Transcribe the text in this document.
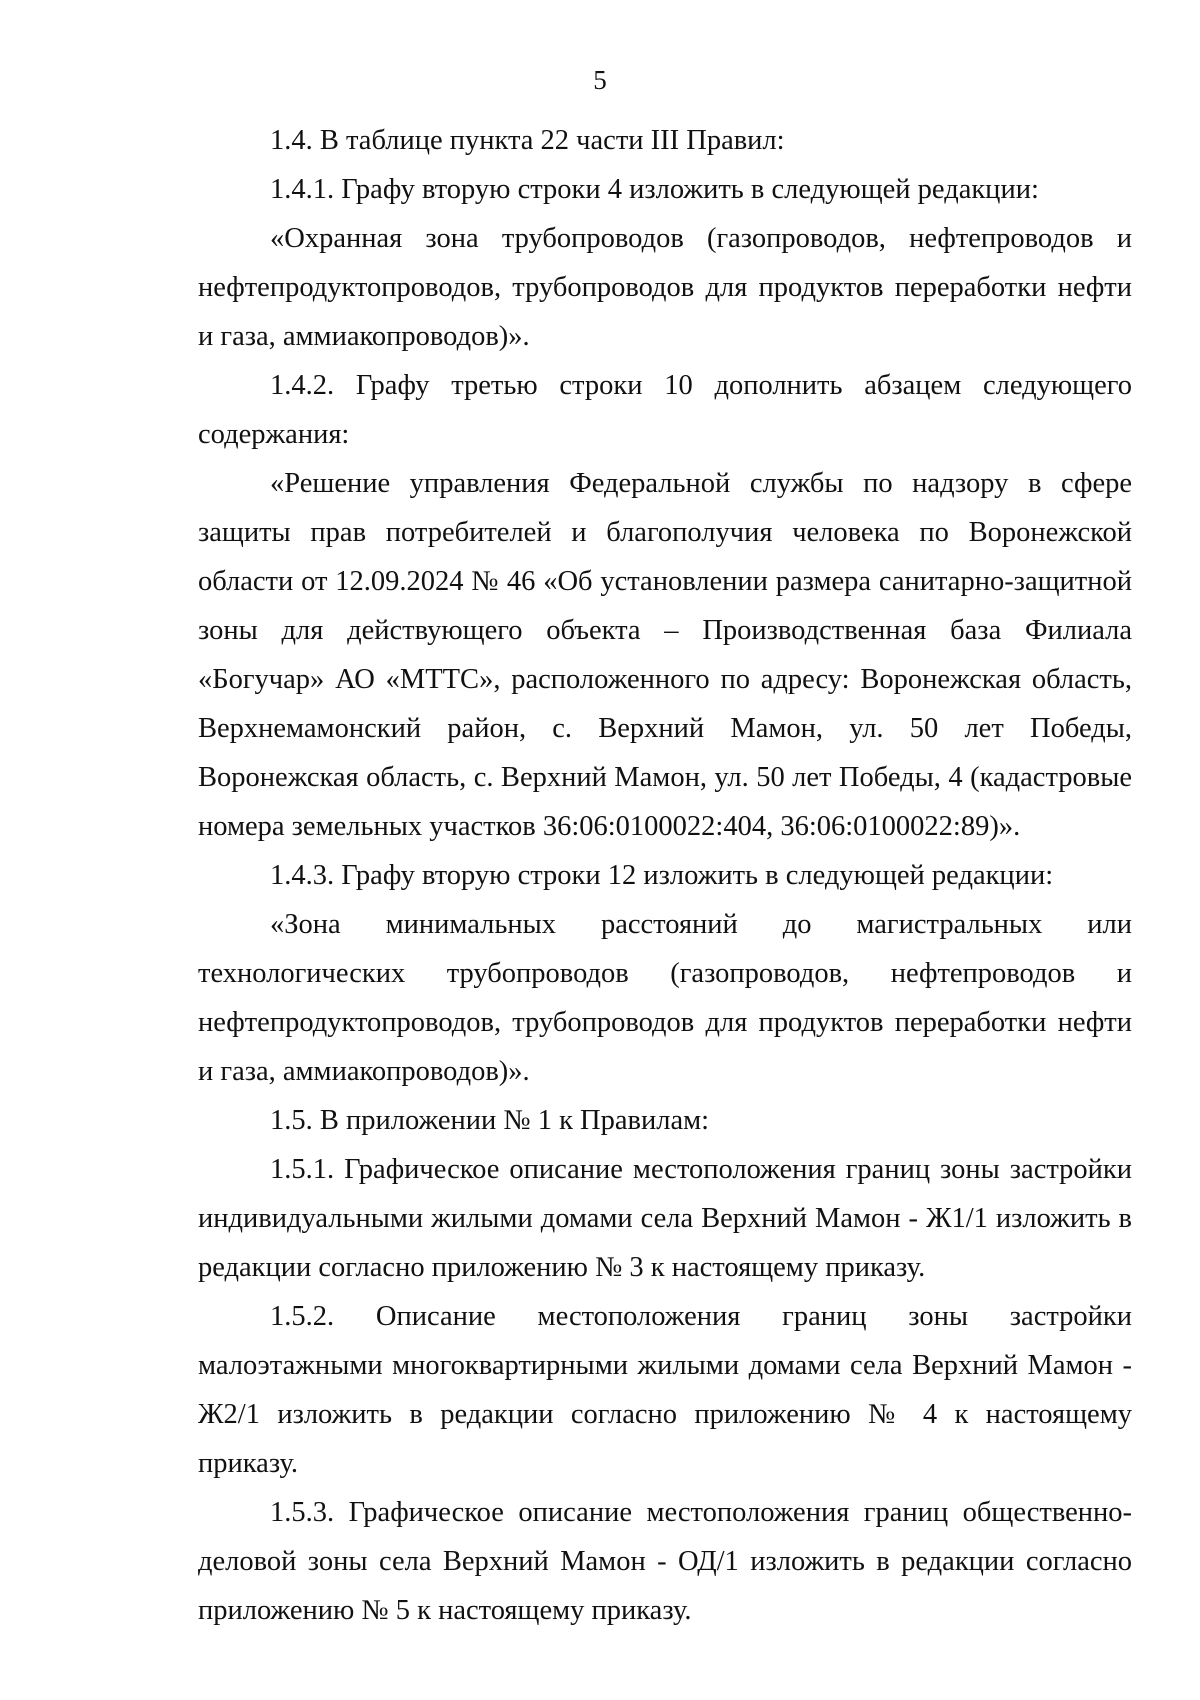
5

1.4. В таблице пункта 22 части III Правил:

1.4.1. Графу вторую строки 4 изложить в следующей редакции:

«Охранная зона трубопроводов (газопроводов, нефтепроводов и нефтепродуктопроводов, трубопроводов для продуктов переработки нефти и газа, аммиакопроводов)».

1.4.2. Графу третью строки 10 дополнить абзацем следующего содержания:

«Решение управления Федеральной службы по надзору в сфере защиты прав потребителей и благополучия человека по Воронежской области от 12.09.2024 № 46 «Об установлении размера санитарно-защитной зоны для действующего объекта – Производственная база Филиала «Богучар» АО «МТТС», расположенного по адресу: Воронежская область, Верхнемамонский район, с. Верхний Мамон, ул. 50 лет Победы, Воронежская область, с. Верхний Мамон, ул. 50 лет Победы, 4 (кадастровые номера земельных участков 36:06:0100022:404, 36:06:0100022:89)».

1.4.3. Графу вторую строки 12 изложить в следующей редакции:

«Зона минимальных расстояний до магистральных или технологических трубопроводов (газопроводов, нефтепроводов и нефтепродуктопроводов, трубопроводов для продуктов переработки нефти и газа, аммиакопроводов)».

1.5. В приложении № 1 к Правилам:

1.5.1. Графическое описание местоположения границ зоны застройки индивидуальными жилыми домами села Верхний Мамон - Ж1/1 изложить в редакции согласно приложению № 3 к настоящему приказу.

1.5.2. Описание местоположения границ зоны застройки малоэтажными многоквартирными жилыми домами села Верхний Мамон - Ж2/1 изложить в редакции согласно приложению № 4 к настоящему приказу.

1.5.3. Графическое описание местоположения границ общественно-деловой зоны села Верхний Мамон - ОД/1 изложить в редакции согласно приложению № 5 к настоящему приказу.
